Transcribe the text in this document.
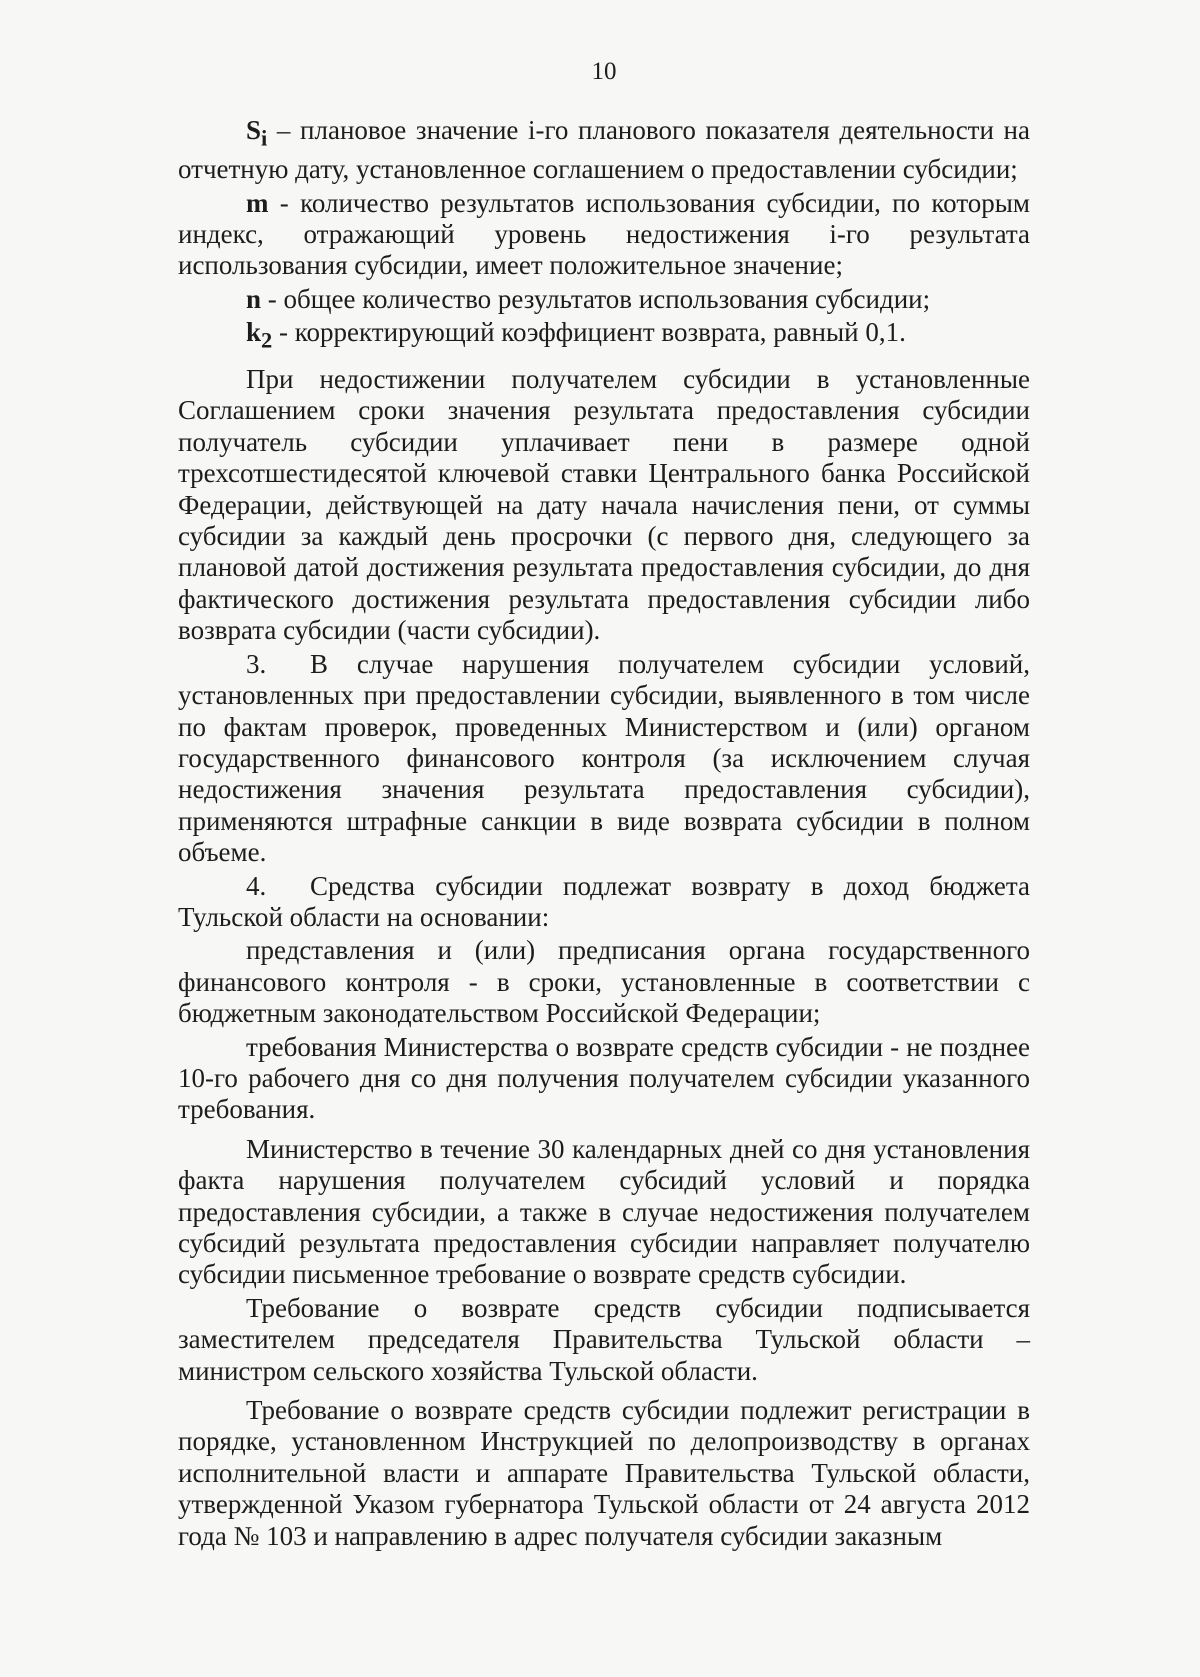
10

$S_i$ – плановое значение i-го планового показателя деятельности на отчетную дату, установленное соглашением о предоставлении субсидии;

m - количество результатов использования субсидии, по которым индекс, отражающий уровень недостижения i-го результата использования субсидии, имеет положительное значение;

n - общее количество результатов использования субсидии;

$k_2$ - корректирующий коэффициент возврата, равный 0,1.

При недостижении получателем субсидии в установленные Соглашением сроки значения результата предоставления субсидии получатель субсидии уплачивает пени в размере одной трехсотшестидесятой ключевой ставки Центрального банка Российской Федерации, действующей на дату начала начисления пени, от суммы субсидии за каждый день просрочки (с первого дня, следующего за плановой датой достижения результата предоставления субсидии, до дня фактического достижения результата предоставления субсидии либо возврата субсидии (части субсидии).

3. В случае нарушения получателем субсидии условий, установленных при предоставлении субсидии, выявленного в том числе по фактам проверок, проведенных Министерством и (или) органом государственного финансового контроля (за исключением случая недостижения значения результата предоставления субсидии), применяются штрафные санкции в виде возврата субсидии в полном объеме.

4. Средства субсидии подлежат возврату в доход бюджета Тульской области на основании:

представления и (или) предписания органа государственного финансового контроля - в сроки, установленные в соответствии с бюджетным законодательством Российской Федерации;

требования Министерства о возврате средств субсидии - не позднее 10-го рабочего дня со дня получения получателем субсидии указанного требования.

Министерство в течение 30 календарных дней со дня установления факта нарушения получателем субсидий условий и порядка предоставления субсидии, а также в случае недостижения получателем субсидий результата предоставления субсидии направляет получателю субсидии письменное требование о возврате средств субсидии.

Требование о возврате средств субсидии подписывается заместителем председателя Правительства Тульской области – министром сельского хозяйства Тульской области.

Требование о возврате средств субсидии подлежит регистрации в порядке, установленном Инструкцией по делопроизводству в органах исполнительной власти и аппарате Правительства Тульской области, утвержденной Указом губернатора Тульской области от 24 августа 2012 года № 103 и направлению в адрес получателя субсидии заказным
